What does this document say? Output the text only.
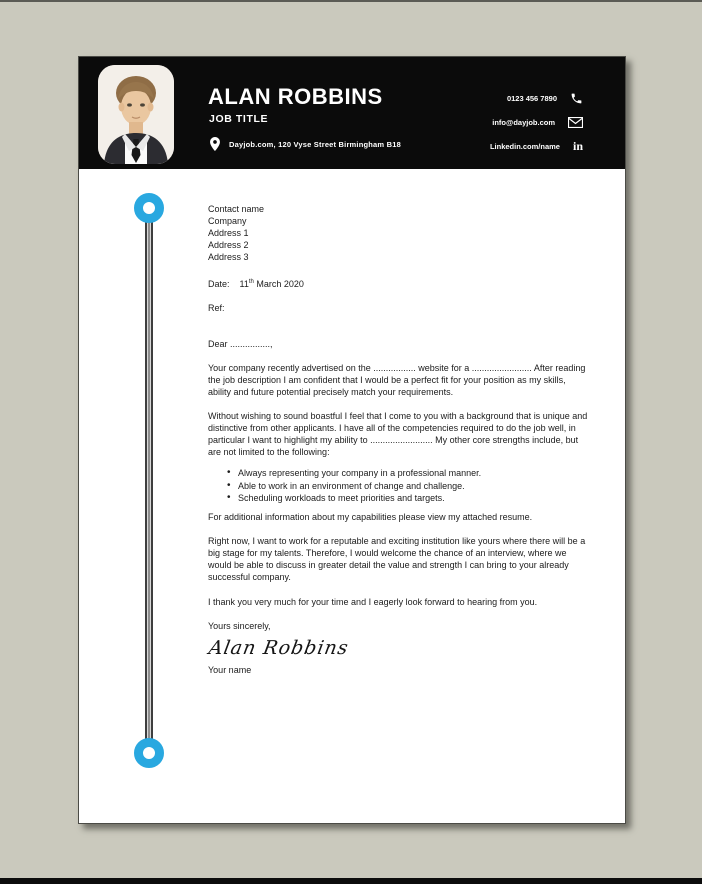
ALAN ROBBINS
JOB TITLE
Dayjob.com, 120 Vyse Street Birmingham B18
0123 456 7890
info@dayjob.com
Linkedin.com/name in
Contact name
Company
Address 1
Address 2
Address 3
Date: 11th March 2020
Ref:
Dear ................,
Your company recently advertised on the ................. website for a ........................ After reading the job description I am confident that I would be a perfect fit for your position as my skills, ability and future potential precisely match your requirements.
Without wishing to sound boastful I feel that I come to you with a background that is unique and distinctive from other applicants. I have all of the competencies required to do the job well, in particular I want to highlight my ability to ......................... My other core strengths include, but are not limited to the following:
• Always representing your company in a professional manner.
• Able to work in an environment of change and challenge.
• Scheduling workloads to meet priorities and targets.
For additional information about my capabilities please view my attached resume.
Right now, I want to work for a reputable and exciting institution like yours where there will be a big stage for my talents. Therefore, I would welcome the chance of an interview, where we would be able to discuss in greater detail the value and strength I can bring to your already successful company.
I thank you very much for your time and I eagerly look forward to hearing from you.
Yours sincerely,
Alan Robbins
Your name
